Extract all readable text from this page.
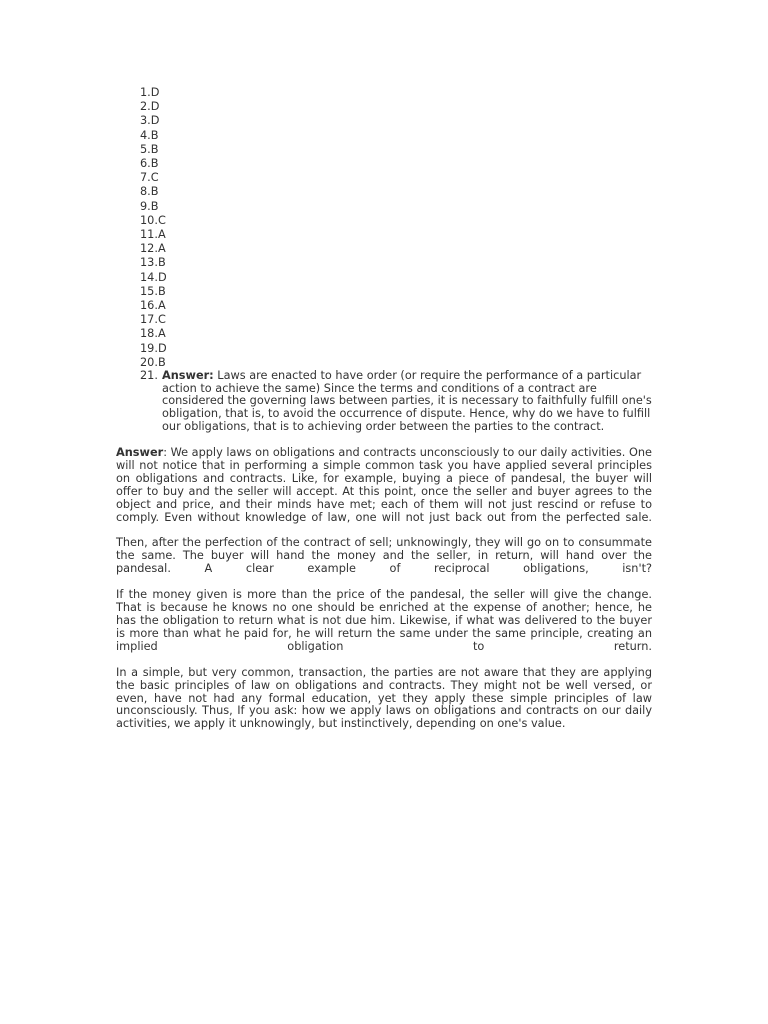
1.D
2.D
3.D
4.B
5.B
6.B
7.C
8.B
9.B
10.C
11.A
12.A
13.B
14.D
15.B
16.A
17.C
18.A
19.D
20.B
21. Answer: Laws are enacted to have order (or require the performance of a particular action to achieve the same) Since the terms and conditions of a contract are considered the governing laws between parties, it is necessary to faithfully fulfill one's obligation, that is, to avoid the occurrence of dispute. Hence, why do we have to fulfill our obligations, that is to achieving order between the parties to the contract.

Answer: We apply laws on obligations and contracts unconsciously to our daily activities. One will not notice that in performing a simple common task you have applied several principles on obligations and contracts. Like, for example, buying a piece of pandesal, the buyer will offer to buy and the seller will accept. At this point, once the seller and buyer agrees to the object and price, and their minds have met; each of them will not just rescind or refuse to comply. Even without knowledge of law, one will not just back out from the perfected sale.

Then, after the perfection of the contract of sell; unknowingly, they will go on to consummate the same. The buyer will hand the money and the seller, in return, will hand over the pandesal. A clear example of reciprocal obligations, isn't?

If the money given is more than the price of the pandesal, the seller will give the change. That is because he knows no one should be enriched at the expense of another; hence, he has the obligation to return what is not due him. Likewise, if what was delivered to the buyer is more than what he paid for, he will return the same under the same principle, creating an implied obligation to return.

In a simple, but very common, transaction, the parties are not aware that they are applying the basic principles of law on obligations and contracts. They might not be well versed, or even, have not had any formal education, yet they apply these simple principles of law unconsciously. Thus, If you ask: how we apply laws on obligations and contracts on our daily activities, we apply it unknowingly, but instinctively, depending on one's value.
